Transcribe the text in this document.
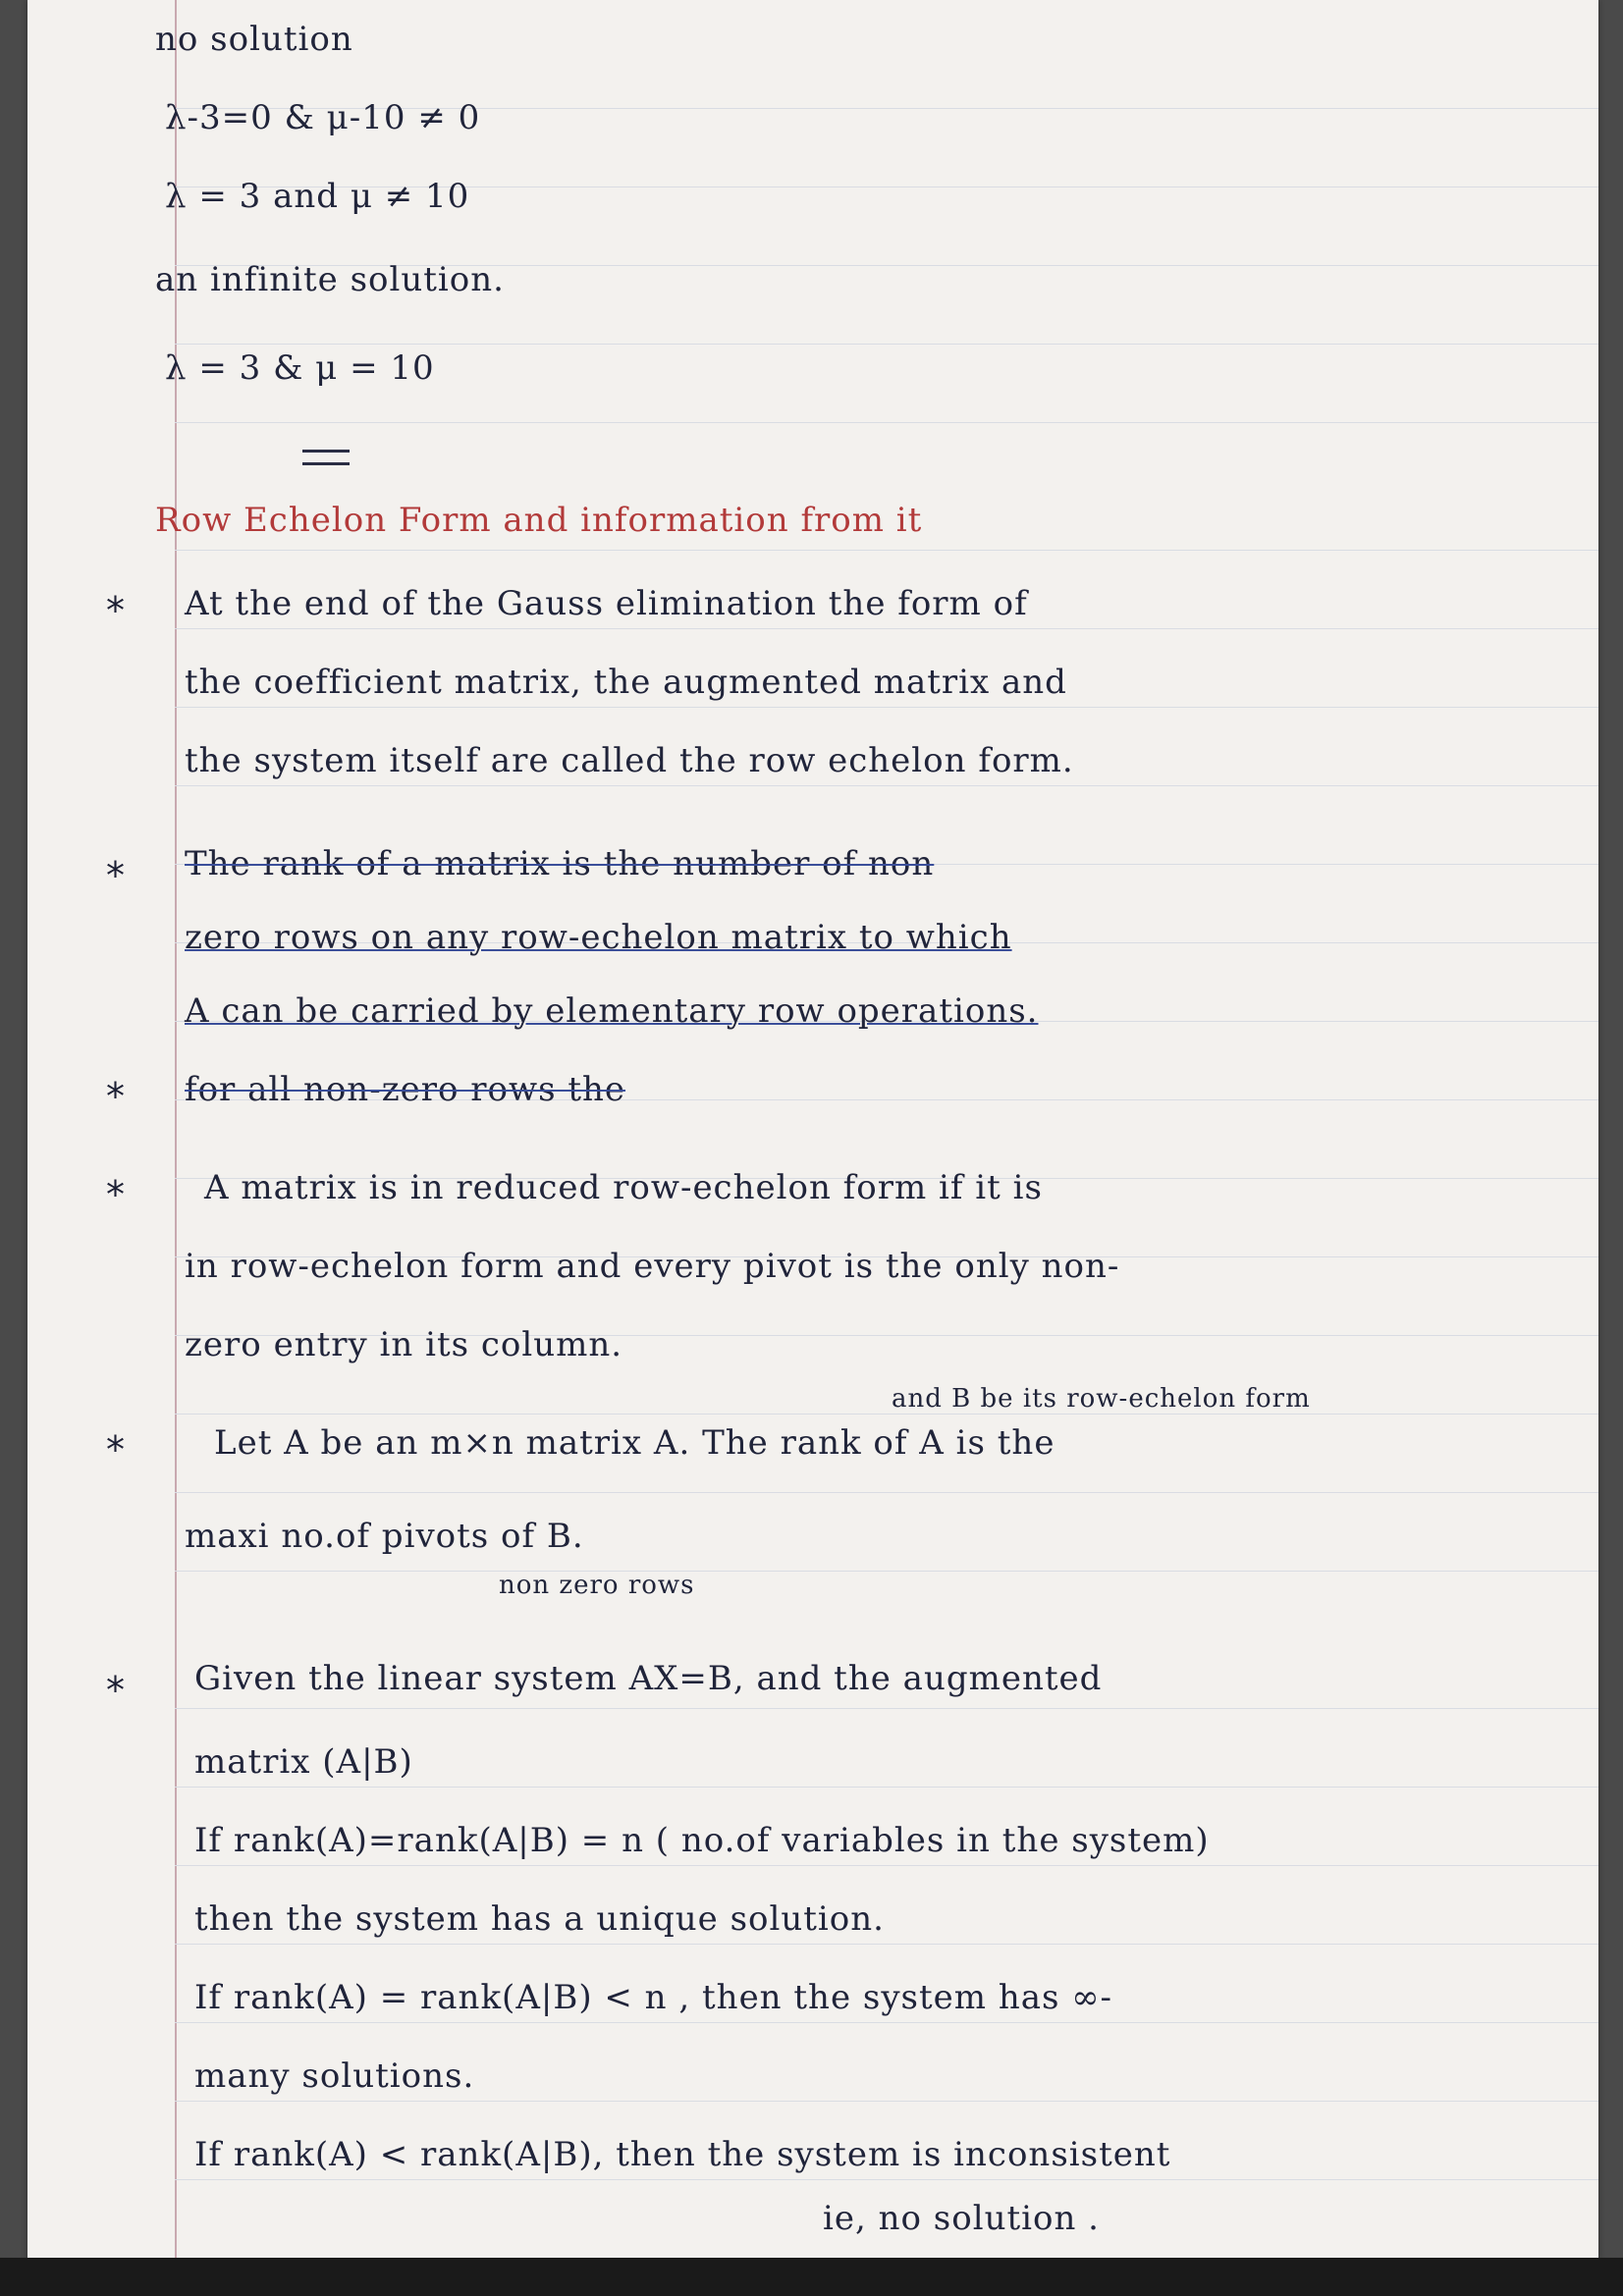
no solution
λ-3=0 & μ-10 ≠ 0
λ = 3 and μ ≠ 10
an infinite solution.
λ = 3 & μ = 10
Row Echelon Form and information from it
* At the end of the Gauss elimination the form of
the coefficient matrix, the augmented matrix and
the system itself are called the row echelon form.
* The rank of a matrix is the number of non
zero rows on any row-echelon matrix to which
A can be carried by elementary row operations.
* for all non-zero rows the
* A matrix is in reduced row-echelon form if it is
in row-echelon form and every pivot is the only non-
zero entry in its column.
and B be its row-echelon form
*	Let A be an m×n matrix A. The rank of A is the
maxi no.of pivots of B.
non zero rows
* Given the linear system AX=B, and the augmented
matrix (A|B)
If rank(A)=rank(A|B) = n ( no.of variables in the system)
then the system has a unique solution.
If rank(A) = rank(A|B) < n , then the system has ∞-
many solutions.
If rank(A) < rank(A|B), then the system is inconsistent
ie, no solution .
